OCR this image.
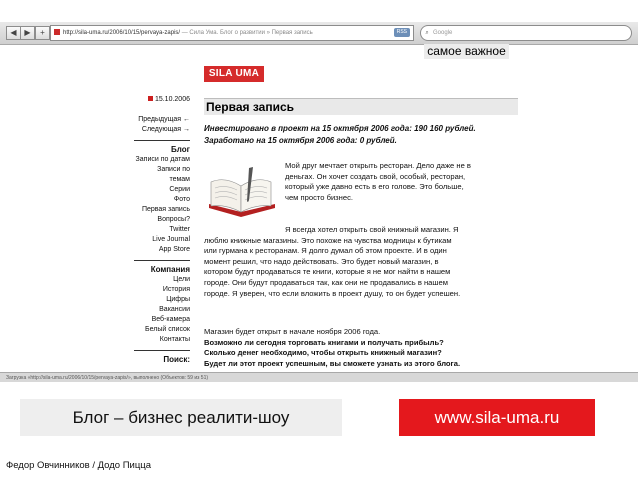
◀ ▶	+	http://sila-uma.ru/2006/10/15/pervaya-zapis/ — Сила Ума. Блог о развитии » Первая запись	RSS	⌕ Google
самое важное
SILA UMA
15.10.2006
Предыдущая ←
Следующая →
Блог
Записи по датам
Записи по
темам
Серии
Фото
Первая запись
Вопросы?
Twitter
Live Journal
App Store
Компания
Цели
История
Цифры
Вакансии
Веб-камера
Белый список
Контакты
Поиск:
Первая запись
Инвестировано в проект на 15 октября 2006 года: 190 160 рублей.
Заработано на 15 октября 2006 года: 0 рублей.
Мой друг мечтает открыть ресторан. Дело даже не в
деньгах. Он хочет создать свой, особый, ресторан,
который уже давно есть в его голове. Это больше,
чем просто бизнес.
Я всегда хотел открыть свой книжный магазин. Я
люблю книжные магазины. Это похоже на чувства модницы к бутикам
или гурмана к ресторанам. Я долго думал об этом проекте. И в один
момент решил, что надо действовать. Это будет новый магазин, в
котором будут продаваться те книги, которые я не мог найти в нашем
городе. Они будут продаваться так, как они не продавались в нашем
городе. Я уверен, что если вложить в проект душу, то он будет успешен.
Магазин будет открыт в начале ноября 2006 года.
Возможно ли сегодня торговать книгами и получать прибыль?
Сколько денег необходимо, чтобы открыть книжный магазин?
Будет ли этот проект успешным, вы сможете узнать из этого блога.
Загрузка «http://sila-uma.ru/2006/10/15/pervaya-zapis/», выполнено (Объектов: 59 из 51)
Блог – бизнес реалити-шоу	www.sila-uma.ru
Федор Овчинников / Додо Пицца
